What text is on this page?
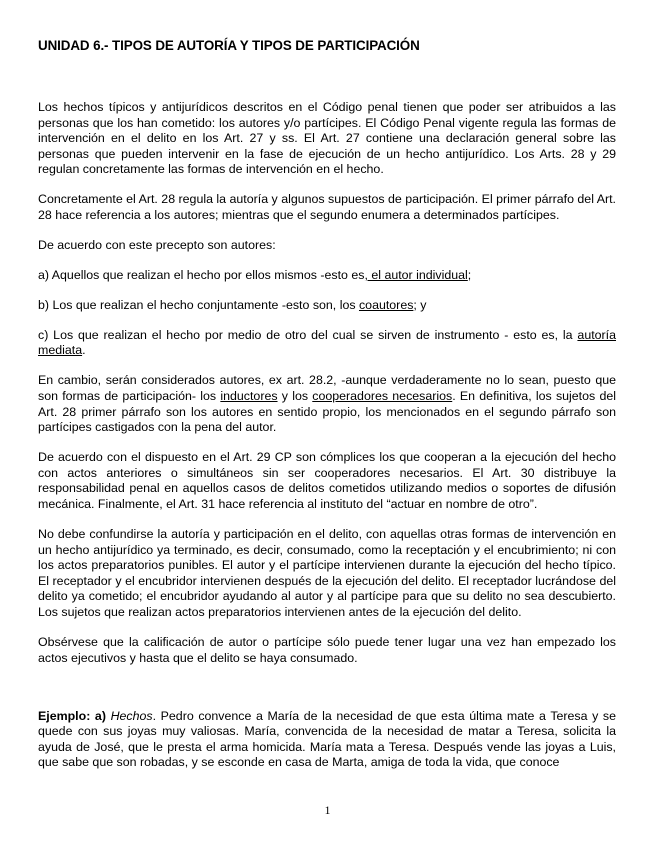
UNIDAD 6.- TIPOS DE AUTORÍA Y TIPOS DE PARTICIPACIÓN

Los hechos típicos y antijurídicos descritos en el Código penal tienen que poder ser atribuidos a las personas que los han cometido: los autores y/o partícipes. El Código Penal vigente regula las formas de intervención en el delito en los Art. 27 y ss. El Art. 27 contiene una declaración general sobre las personas que pueden intervenir en la fase de ejecución de un hecho antijurídico. Los Arts. 28 y 29 regulan concretamente las formas de intervención en el hecho.

Concretamente el Art. 28 regula la autoría y algunos supuestos de participación. El primer párrafo del Art. 28 hace referencia a los autores; mientras que el segundo enumera a determinados partícipes.

De acuerdo con este precepto son autores:

a) Aquellos que realizan el hecho por ellos mismos -esto es, el autor individual;

b) Los que realizan el hecho conjuntamente -esto son, los coautores; y

c) Los que realizan el hecho por medio de otro del cual se sirven de instrumento - esto es, la autoría mediata.

En cambio, serán considerados autores, ex art. 28.2, -aunque verdaderamente no lo sean, puesto que son formas de participación- los inductores y los cooperadores necesarios. En definitiva, los sujetos del Art. 28 primer párrafo son los autores en sentido propio, los mencionados en el segundo párrafo son partícipes castigados con la pena del autor.

De acuerdo con el dispuesto en el Art. 29 CP son cómplices los que cooperan a la ejecución del hecho con actos anteriores o simultáneos sin ser cooperadores necesarios. El Art. 30 distribuye la responsabilidad penal en aquellos casos de delitos cometidos utilizando medios o soportes de difusión mecánica. Finalmente, el Art. 31 hace referencia al instituto del “actuar en nombre de otro”.

No debe confundirse la autoría y participación en el delito, con aquellas otras formas de intervención en un hecho antijurídico ya terminado, es decir, consumado, como la receptación y el encubrimiento; ni con los actos preparatorios punibles. El autor y el partícipe intervienen durante la ejecución del hecho típico. El receptador y el encubridor intervienen después de la ejecución del delito. El receptador lucrándose del delito ya cometido; el encubridor ayudando al autor y al partícipe para que su delito no sea descubierto. Los sujetos que realizan actos preparatorios intervienen antes de la ejecución del delito.

Obsérvese que la calificación de autor o partícipe sólo puede tener lugar una vez han empezado los actos ejecutivos y hasta que el delito se haya consumado.

Ejemplo: a) Hechos. Pedro convence a María de la necesidad de que esta última mate a Teresa y se quede con sus joyas muy valiosas. María, convencida de la necesidad de matar a Teresa, solicita la ayuda de José, que le presta el arma homicida. María mata a Teresa. Después vende las joyas a Luis, que sabe que son robadas, y se esconde en casa de Marta, amiga de toda la vida, que conoce

1
